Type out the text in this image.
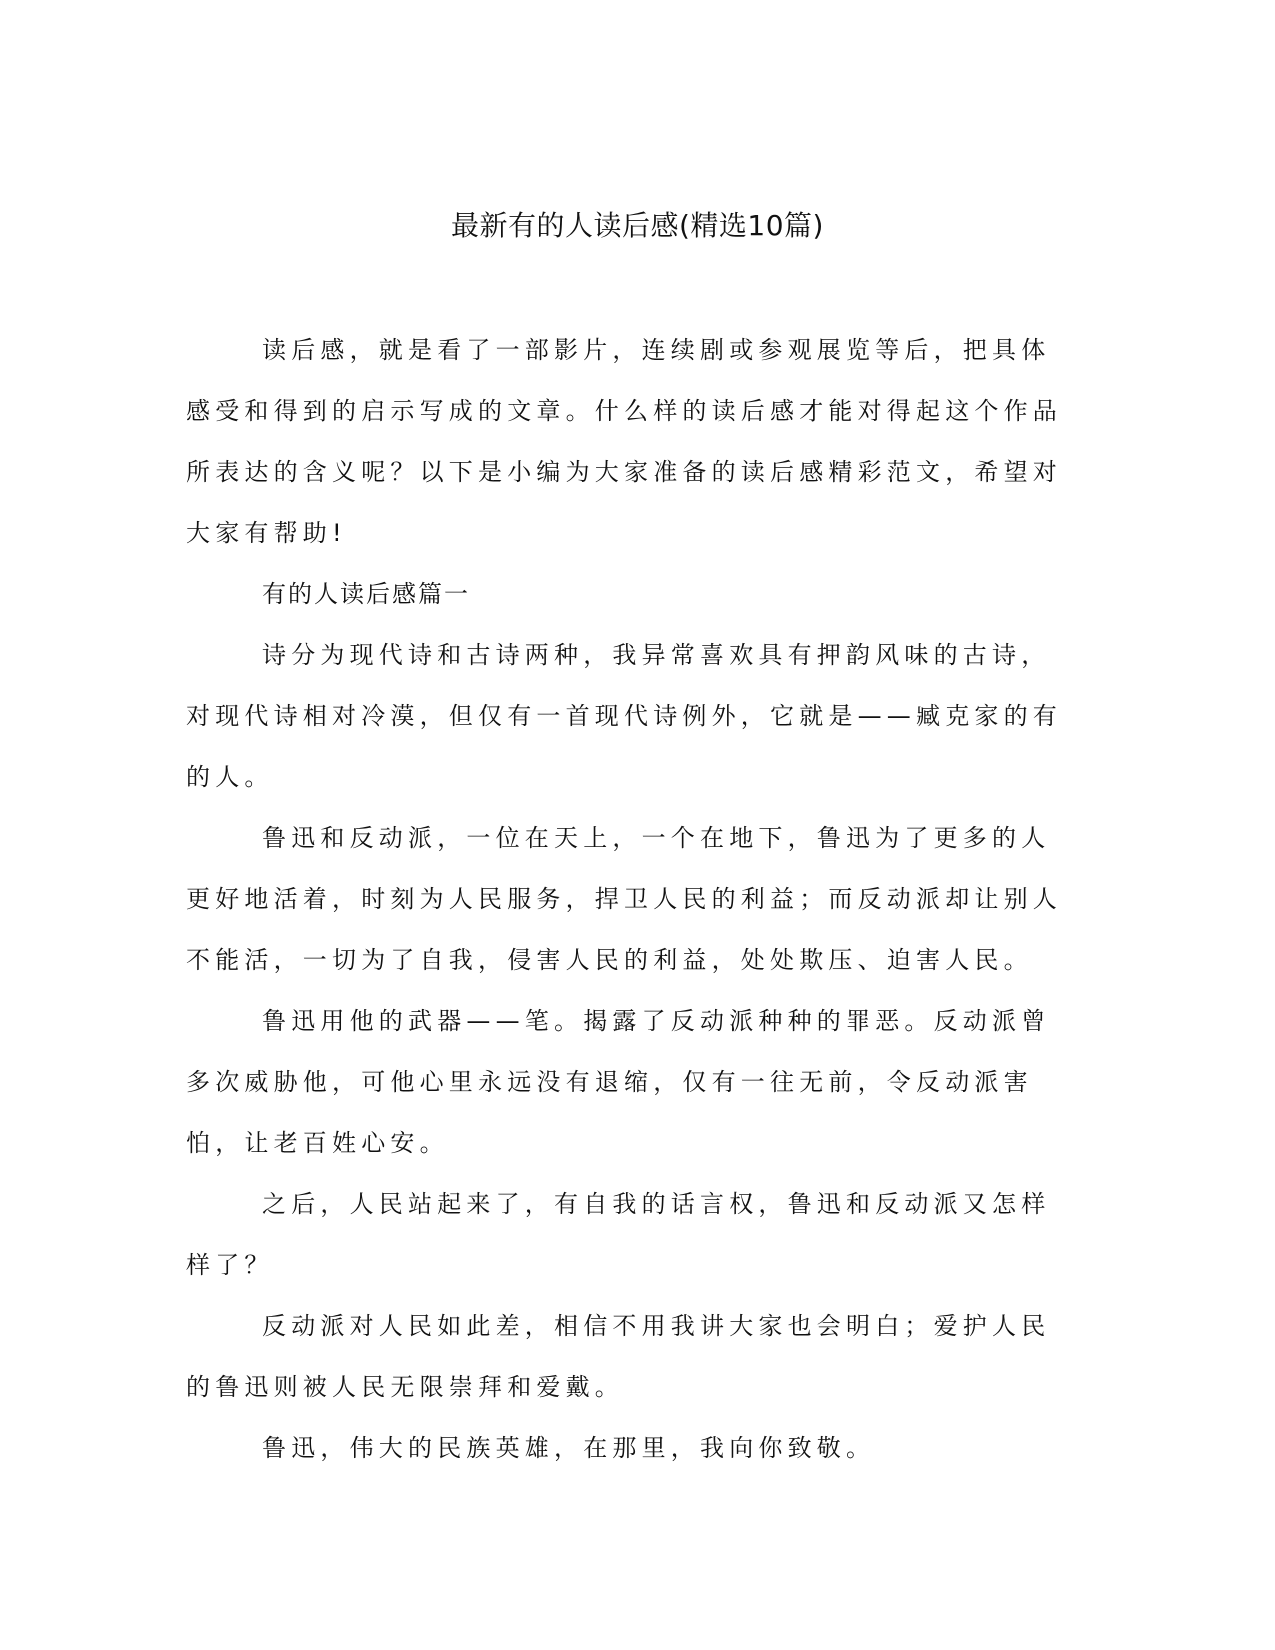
最新有的人读后感(精选10篇)

读后感，就是看了一部影片，连续剧或参观展览等后，把具体感受和得到的启示写成的文章。什么样的读后感才能对得起这个作品所表达的含义呢？以下是小编为大家准备的读后感精彩范文，希望对大家有帮助!

有的人读后感篇一

诗分为现代诗和古诗两种，我异常喜欢具有押韵风味的古诗，对现代诗相对冷漠，但仅有一首现代诗例外，它就是——臧克家的有的人。

鲁迅和反动派，一位在天上，一个在地下，鲁迅为了更多的人更好地活着，时刻为人民服务，捍卫人民的利益；而反动派却让别人不能活，一切为了自我，侵害人民的利益，处处欺压、迫害人民。

鲁迅用他的武器——笔。揭露了反动派种种的罪恶。反动派曾多次威胁他，可他心里永远没有退缩，仅有一往无前，令反动派害怕，让老百姓心安。

之后，人民站起来了，有自我的话言权，鲁迅和反动派又怎样样了？

反动派对人民如此差，相信不用我讲大家也会明白；爱护人民的鲁迅则被人民无限崇拜和爱戴。

鲁迅，伟大的民族英雄，在那里，我向你致敬。
